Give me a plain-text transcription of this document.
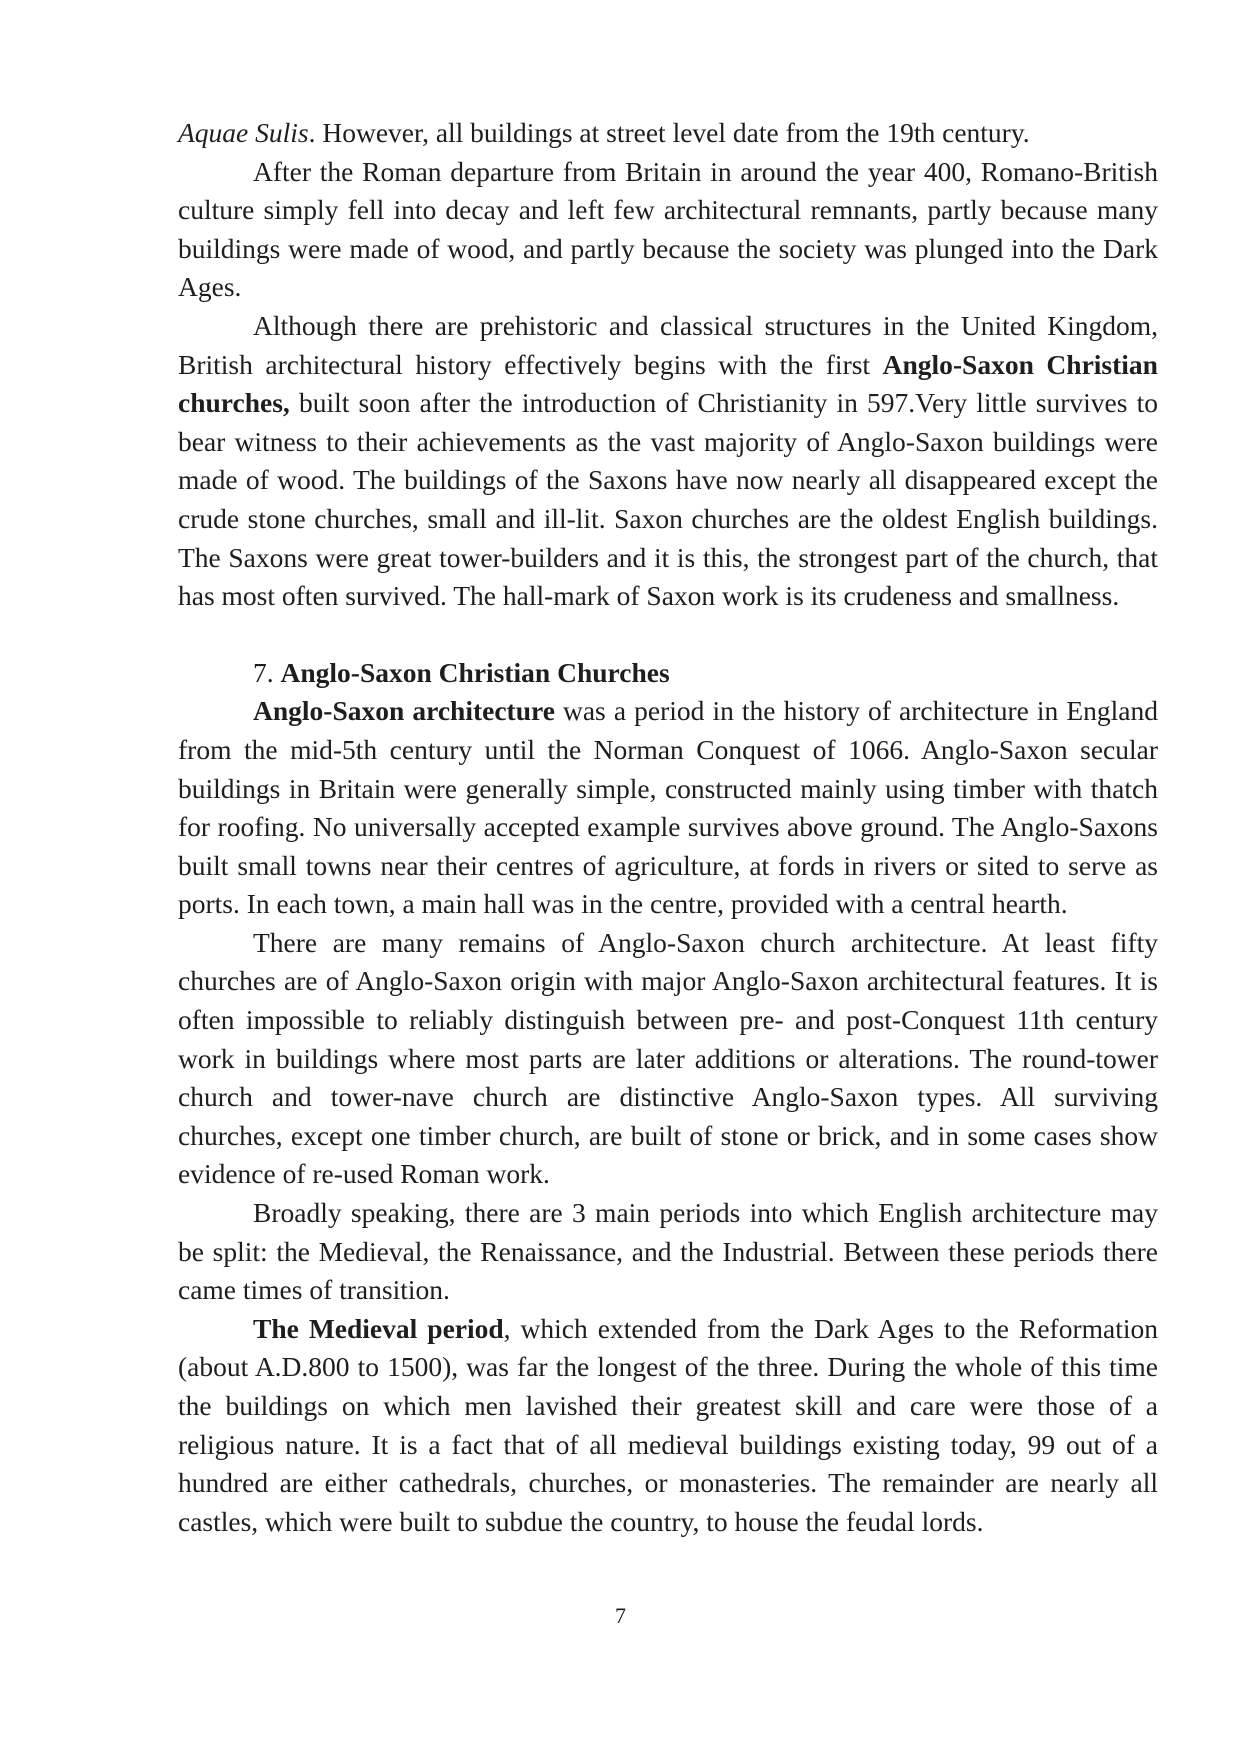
Aquae Sulis. However, all buildings at street level date from the 19th century.

After the Roman departure from Britain in around the year 400, Romano-British culture simply fell into decay and left few architectural remnants, partly because many buildings were made of wood, and partly because the society was plunged into the Dark Ages.

Although there are prehistoric and classical structures in the United Kingdom, British architectural history effectively begins with the first Anglo-Saxon Christian churches, built soon after the introduction of Christianity in 597.Very little survives to bear witness to their achievements as the vast majority of Anglo-Saxon buildings were made of wood. The buildings of the Saxons have now nearly all disappeared except the crude stone churches, small and ill-lit. Saxon churches are the oldest English buildings. The Saxons were great tower-builders and it is this, the strongest part of the church, that has most often survived. The hall-mark of Saxon work is its crudeness and smallness.

7. Anglo-Saxon Christian Churches

Anglo-Saxon architecture was a period in the history of architecture in England from the mid-5th century until the Norman Conquest of 1066. Anglo-Saxon secular buildings in Britain were generally simple, constructed mainly using timber with thatch for roofing. No universally accepted example survives above ground. The Anglo-Saxons built small towns near their centres of agriculture, at fords in rivers or sited to serve as ports. In each town, a main hall was in the centre, provided with a central hearth.

There are many remains of Anglo-Saxon church architecture. At least fifty churches are of Anglo-Saxon origin with major Anglo-Saxon architectural features. It is often impossible to reliably distinguish between pre- and post-Conquest 11th century work in buildings where most parts are later additions or alterations. The round-tower church and tower-nave church are distinctive Anglo-Saxon types. All surviving churches, except one timber church, are built of stone or brick, and in some cases show evidence of re-used Roman work.

Broadly speaking, there are 3 main periods into which English architecture may be split: the Medieval, the Renaissance, and the Industrial. Between these periods there came times of transition.

The Medieval period, which extended from the Dark Ages to the Reformation (about A.D.800 to 1500), was far the longest of the three. During the whole of this time the buildings on which men lavished their greatest skill and care were those of a religious nature. It is a fact that of all medieval buildings existing today, 99 out of a hundred are either cathedrals, churches, or monasteries. The remainder are nearly all castles, which were built to subdue the country, to house the feudal lords.

7
